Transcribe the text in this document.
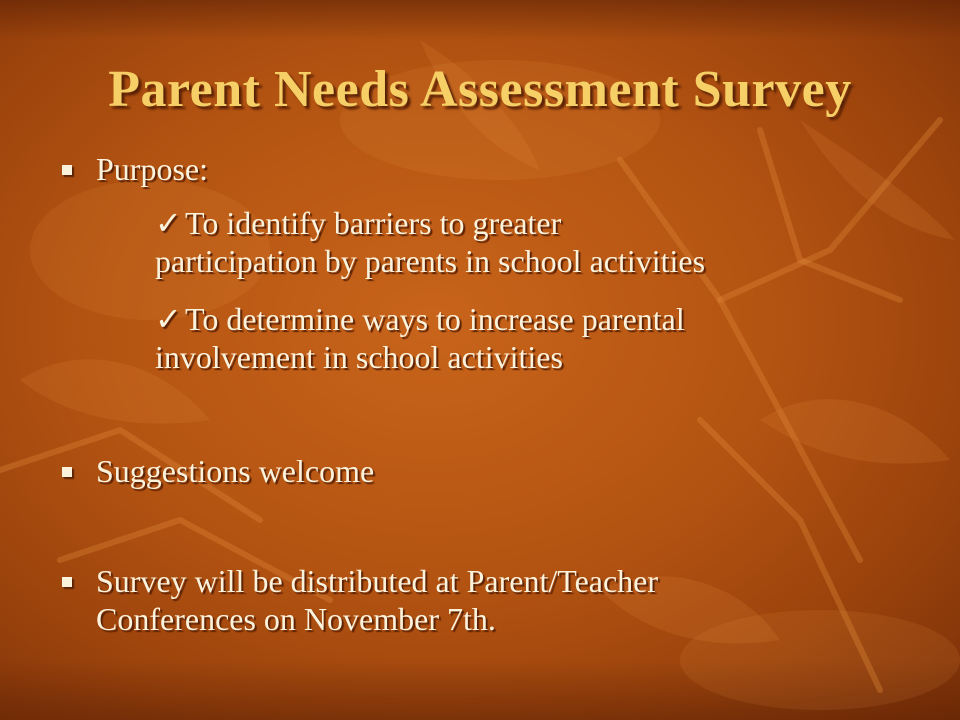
Parent Needs Assessment Survey
Purpose:
✓To identify barriers to greater
participation by parents in school activities
✓To determine ways to increase parental
involvement in school activities
Suggestions welcome
Survey will be distributed at Parent/Teacher
Conferences on November 7th.
